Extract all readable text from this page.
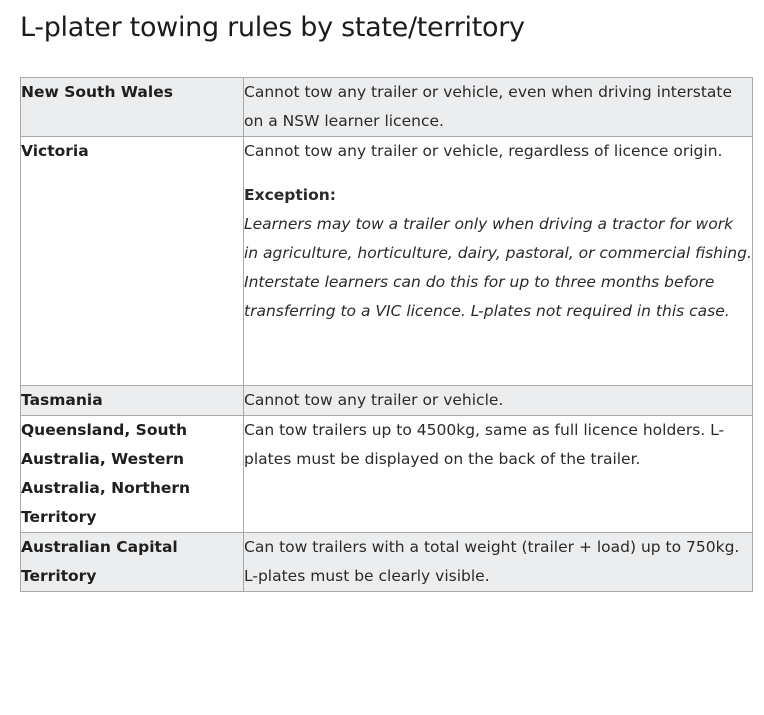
L-plater towing rules by state/territory
New South Wales	Cannot tow any trailer or vehicle, even when driving interstate on a NSW learner licence.

Victoria	Cannot tow any trailer or vehicle, regardless of licence origin.

Exception:

Learners may tow a trailer only when driving a tractor for work in agriculture, horticulture, dairy, pastoral, or commercial fishing. Interstate learners can do this for up to three months before transferring to a VIC licence. L-plates not required in this case.

Tasmania	Cannot tow any trailer or vehicle.

Queensland, South Australia, Western Australia, Northern Territory	Can tow trailers up to 4500kg, same as full licence holders. L-plates must be displayed on the back of the trailer.

Australian Capital Territory	Can tow trailers with a total weight (trailer + load) up to 750kg. L-plates must be clearly visible.
